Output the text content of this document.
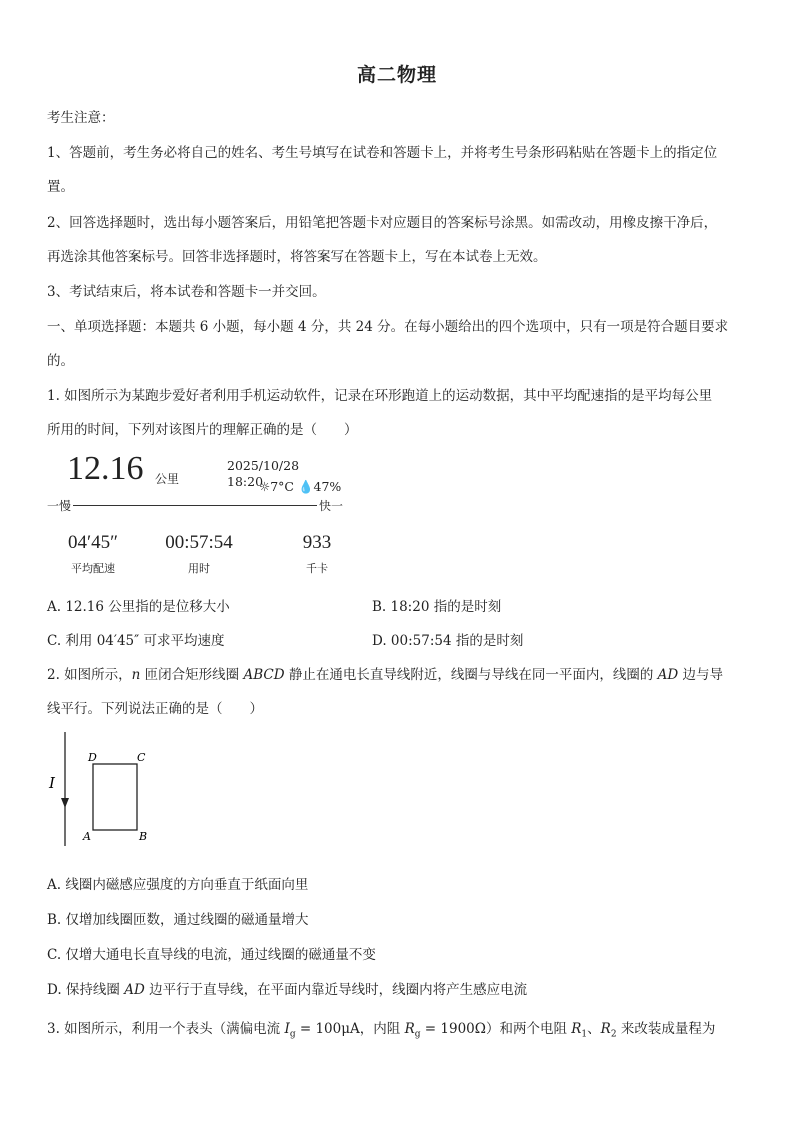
高二物理
考生注意：
1、答题前，考生务必将自己的姓名、考生号填写在试卷和答题卡上，并将考生号条形码粘贴在答题卡上的指定位
置。
2、回答选择题时，选出每小题答案后，用铅笔把答题卡对应题目的答案标号涂黑。如需改动，用橡皮擦干净后，
再选涂其他答案标号。回答非选择题时，将答案写在答题卡上，写在本试卷上无效。
3、考试结束后，将本试卷和答题卡一并交回。
一、单项选择题：本题共 6 小题，每小题 4 分，共 24 分。在每小题给出的四个选项中，只有一项是符合题目要求
的。
1. 如图所示为某跑步爱好者利用手机运动软件，记录在环形跑道上的运动数据，其中平均配速指的是平均每公里
所用的时间，下列对该图片的理解正确的是（　　）
12.16 公里
2025/10/28　18:20
☼7°C 💧47%
一慢	快一
04′45″
平均配速
00:57:54
用时
933
千卡
A. 12.16 公里指的是位移大小	B. 18:20 指的是时刻
C. 利用 04′45″ 可求平均速度	D. 00:57:54 指的是时刻
2. 如图所示，n 匝闭合矩形线圈 ABCD 静止在通电长直导线附近，线圈与导线在同一平面内，线圈的 AD 边与导
线平行。下列说法正确的是（　　）
I
D	C
A	B
A. 线圈内磁感应强度的方向垂直于纸面向里
B. 仅增加线圈匝数，通过线圈的磁通量增大
C. 仅增大通电长直导线的电流，通过线圈的磁通量不变
D. 保持线圈 AD 边平行于直导线，在平面内靠近导线时，线圈内将产生感应电流
3. 如图所示，利用一个表头（满偏电流 $I_g = 100\mu A$，内阻 $R_g = 1900\Omega$）和两个电阻 $R_1$、$R_2$ 来改装成量程为
